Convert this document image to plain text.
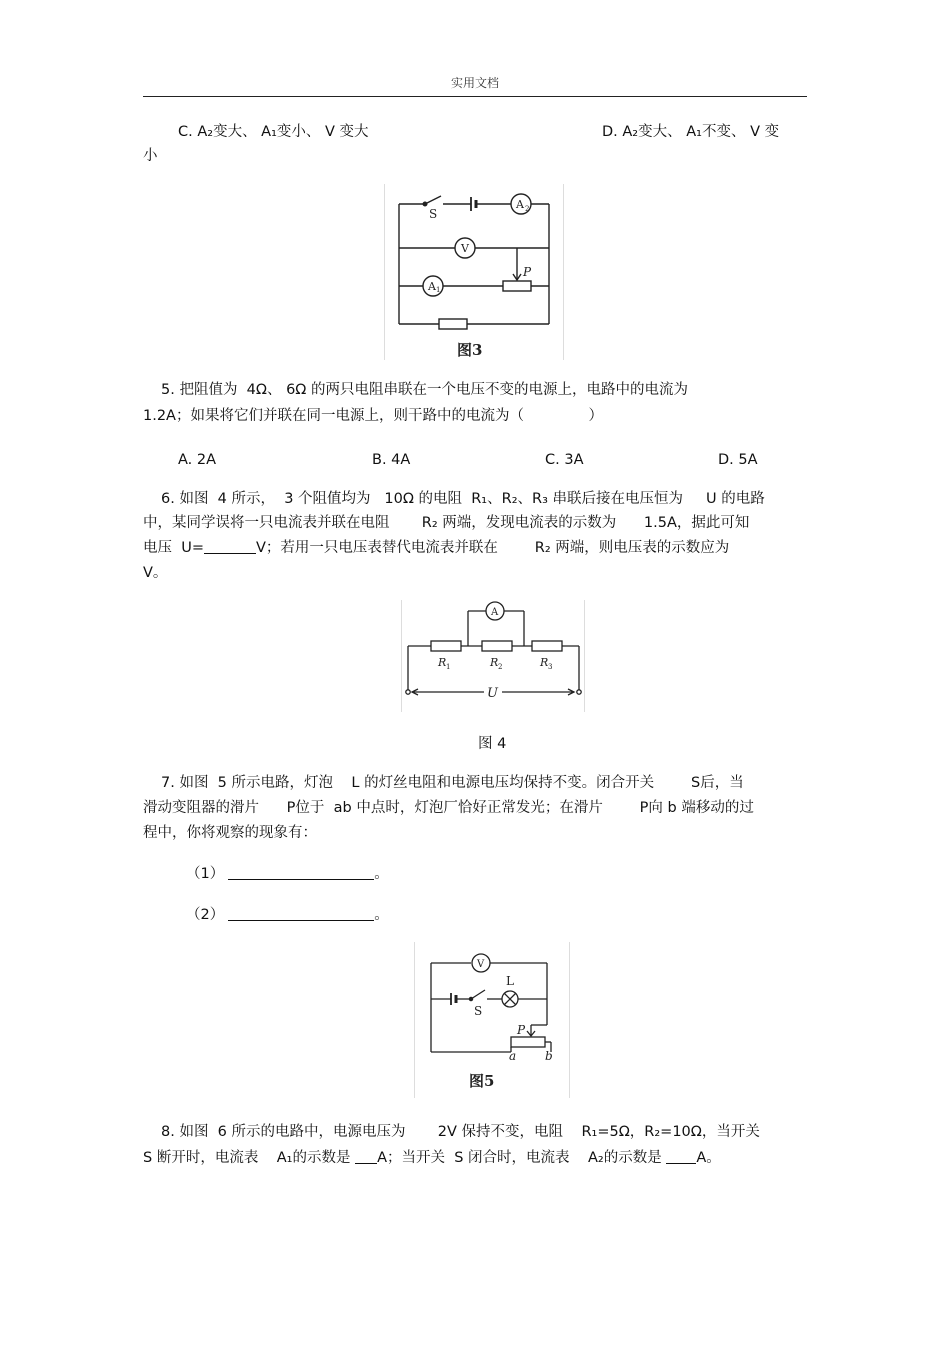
实用文档
C. A₂变大、 A₁变小、 V 变大	D. A₂变大、 A₁不变、 V 变
小
S
A 2
V
A 1
P
图3
5. 把阻值为  4Ω、 6Ω 的两只电阻串联在一个电压不变的电源上，电路中的电流为
1.2A；如果将它们并联在同一电源上，则干路中的电流为（              ）
A. 2A	B. 4A	C. 3A	D. 5A
6. 如图  4 所示，  3 个阻值均为   10Ω 的电阻  R₁、R₂、R₃ 串联后接在电压恒为     U 的电路
中，某同学误将一只电流表并联在电阻       R₂ 两端，发现电流表的示数为      1.5A，据此可知
电压  U=	V；若用一只电压表替代电流表并联在        R₂ 两端，则电压表的示数应为
V。
A
R 1	R 2	R 3
U
图 4
7. 如图  5 所示电路，灯泡    L 的灯丝电阻和电源电压均保持不变。闭合开关        S后，当
滑动变阻器的滑片      P位于  ab 中点时，灯泡厂恰好正常发光；在滑片        P向 b 端移动的过
程中，你将观察的现象有：
（1）	。
（2）	。
V
L
S
P
a b
图5
8. 如图  6 所示的电路中，电源电压为       2V 保持不变，电阻    R₁=5Ω，R₂=10Ω，当开关
S 断开时，电流表    A₁的示数是 A；当开关  S 闭合时，电流表    A₂的示数是 A。
